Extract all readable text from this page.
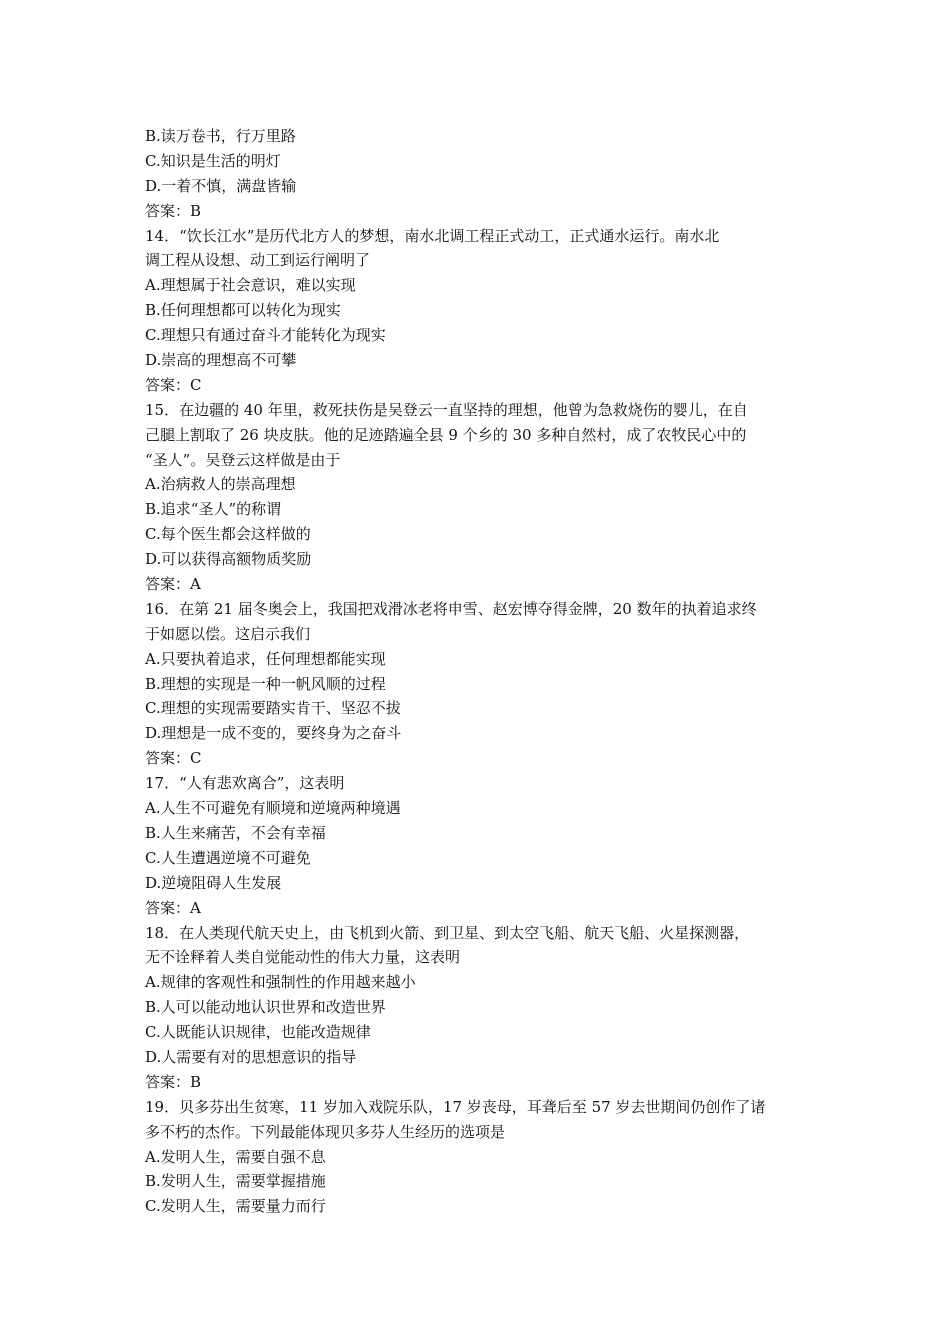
B.读万卷书，行万里路
C.知识是生活的明灯
D.一着不慎，满盘皆输
答案：B
14．“饮长江水”是历代北方人的梦想，南水北调工程正式动工，正式通水运行。南水北
调工程从设想、动工到运行阐明了
A.理想属于社会意识，难以实现
B.任何理想都可以转化为现实
C.理想只有通过奋斗才能转化为现实
D.崇高的理想高不可攀
答案：C
15．在边疆的 40 年里，救死扶伤是吴登云一直坚持的理想，他曾为急救烧伤的婴儿，在自
己腿上割取了 26 块皮肤。他的足迹踏遍全县 9 个乡的 30 多种自然村，成了农牧民心中的
“圣人”。吴登云这样做是由于
A.治病救人的崇高理想
B.追求“圣人”的称谓
C.每个医生都会这样做的
D.可以获得高额物质奖励
答案：A
16．在第 21 届冬奥会上，我国把戏滑冰老将申雪、赵宏博夺得金牌，20 数年的执着追求终
于如愿以偿。这启示我们
A.只要执着追求，任何理想都能实现
B.理想的实现是一种一帆风顺的过程
C.理想的实现需要踏实肯干、坚忍不拔
D.理想是一成不变的，要终身为之奋斗
答案：C
17．“人有悲欢离合”，这表明
A.人生不可避免有顺境和逆境两种境遇
B.人生来痛苦，不会有幸福
C.人生遭遇逆境不可避免
D.逆境阻碍人生发展
答案：A
18．在人类现代航天史上，由飞机到火箭、到卫星、到太空飞船、航天飞船、火星探测器，
无不诠释着人类自觉能动性的伟大力量，这表明
A.规律的客观性和强制性的作用越来越小
B.人可以能动地认识世界和改造世界
C.人既能认识规律，也能改造规律
D.人需要有对的思想意识的指导
答案：B
19．贝多芬出生贫寒，11 岁加入戏院乐队，17 岁丧母，耳聋后至 57 岁去世期间仍创作了诸
多不朽的杰作。下列最能体现贝多芬人生经历的选项是
A.发明人生，需要自强不息
B.发明人生，需要掌握措施
C.发明人生，需要量力而行
